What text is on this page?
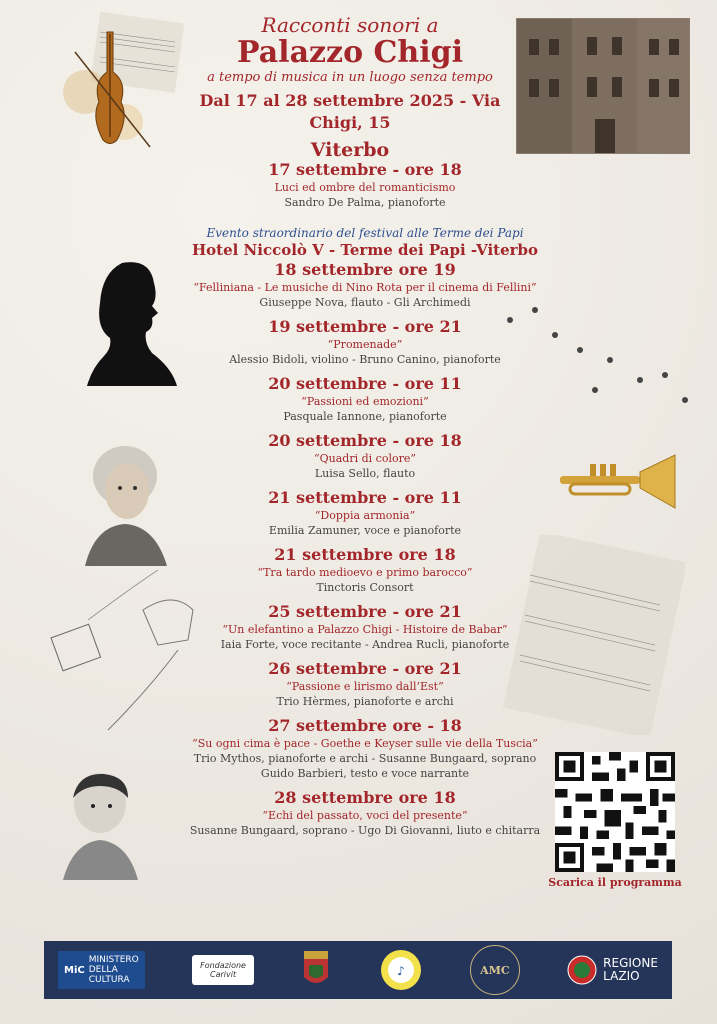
Racconti sonori a
Palazzo Chigi
a tempo di musica in un luogo senza tempo
Dal 17 al 28 settembre 2025 - Via Chigi, 15
Viterbo
17 settembre - ore 18
Luci ed ombre del romanticismo
Sandro De Palma, pianoforte
Evento straordinario del festival alle Terme dei Papi
Hotel Niccolò V - Terme dei Papi -Viterbo
18 settembre ore 19
“Felliniana - Le musiche di Nino Rota per il cinema di Fellini”
Giuseppe Nova, flauto - Gli Archimedi
19 settembre - ore 21
“Promenade”
Alessio Bidoli, violino - Bruno Canino, pianoforte
20 settembre - ore 11
“Passioni ed emozioni”
Pasquale Iannone, pianoforte
20 settembre - ore 18
“Quadri di colore”
Luisa Sello, flauto
21 settembre - ore 11
“Doppia armonia”
Emilia Zamuner, voce e pianoforte
21 settembre ore 18
“Tra tardo medioevo e primo barocco”
Tinctoris Consort
25 settembre - ore 21
“Un elefantino a Palazzo Chigi - Histoire de Babar”
Iaia Forte, voce recitante - Andrea Rucli, pianoforte
26 settembre - ore 21
“Passione e lirismo dall’Est”
Trio Hèrmes, pianoforte e archi
27 settembre ore - 18
“Su ogni cima è pace - Goethe e Keyser sulle vie della Tuscia”
Trio Mythos, pianoforte e archi - Susanne Bungaard, soprano
Guido Barbieri, testo e voce narrante
28 settembre ore 18
“Echi del passato, voci del presente”
Susanne Bungaard, soprano - Ugo Di Giovanni, liuto e chitarra
Scarica il programma
MiC
MINISTERO
DELLA
CULTURA
Fondazione Carivit	♪	AMC	REGIONE
LAZIO
